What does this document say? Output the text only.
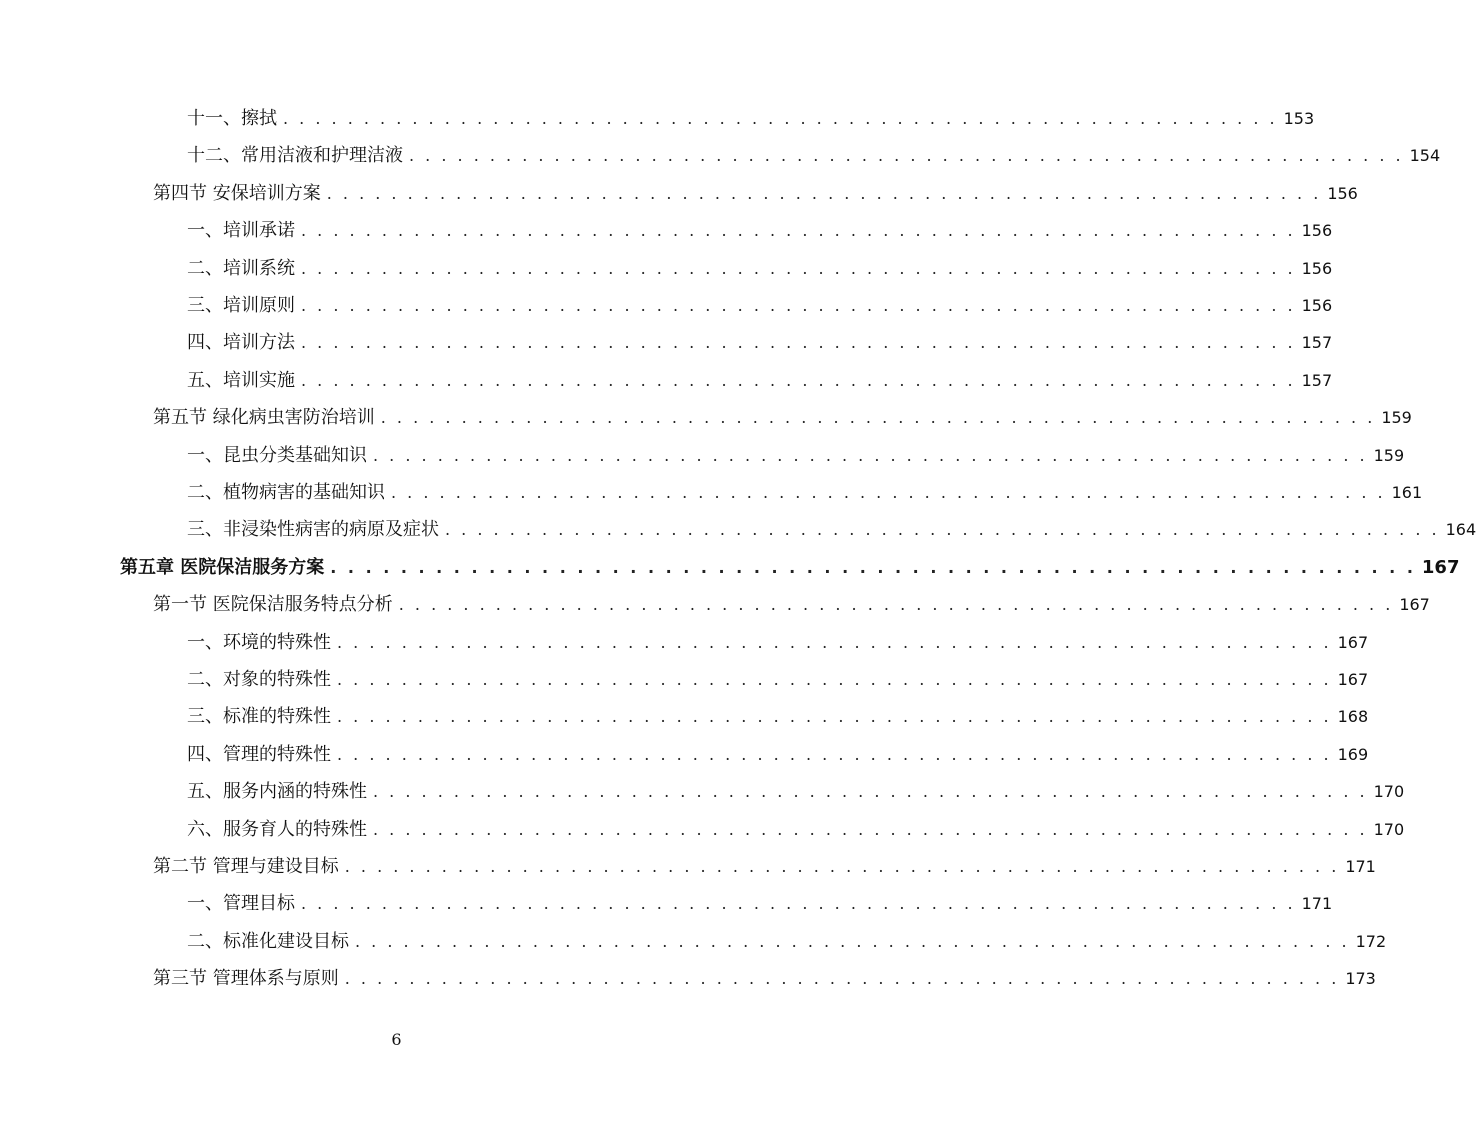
十一、擦拭 . . . . . . . . . . . . . . . . . . . . . . . . . . . . . . . . . . . . . . . . . . . . . . . . . . . . . . . . . . . . . . 153
十二、常用洁液和护理洁液 . . . . . . . . . . . . . . . . . . . . . . . . . . . . . . . . . . . . . . . . . . . . . . . . . . . . . . . . . . . . . . 154
第四节 安保培训方案 . . . . . . . . . . . . . . . . . . . . . . . . . . . . . . . . . . . . . . . . . . . . . . . . . . . . . . . . . . . . . . 156
一、培训承诺 . . . . . . . . . . . . . . . . . . . . . . . . . . . . . . . . . . . . . . . . . . . . . . . . . . . . . . . . . . . . . . 156
二、培训系统 . . . . . . . . . . . . . . . . . . . . . . . . . . . . . . . . . . . . . . . . . . . . . . . . . . . . . . . . . . . . . . 156
三、培训原则 . . . . . . . . . . . . . . . . . . . . . . . . . . . . . . . . . . . . . . . . . . . . . . . . . . . . . . . . . . . . . . 156
四、培训方法 . . . . . . . . . . . . . . . . . . . . . . . . . . . . . . . . . . . . . . . . . . . . . . . . . . . . . . . . . . . . . . 157
五、培训实施 . . . . . . . . . . . . . . . . . . . . . . . . . . . . . . . . . . . . . . . . . . . . . . . . . . . . . . . . . . . . . . 157
第五节 绿化病虫害防治培训 . . . . . . . . . . . . . . . . . . . . . . . . . . . . . . . . . . . . . . . . . . . . . . . . . . . . . . . . . . . . . . 159
一、昆虫分类基础知识 . . . . . . . . . . . . . . . . . . . . . . . . . . . . . . . . . . . . . . . . . . . . . . . . . . . . . . . . . . . . . . 159
二、植物病害的基础知识 . . . . . . . . . . . . . . . . . . . . . . . . . . . . . . . . . . . . . . . . . . . . . . . . . . . . . . . . . . . . . . 161
三、非浸染性病害的病原及症状 . . . . . . . . . . . . . . . . . . . . . . . . . . . . . . . . . . . . . . . . . . . . . . . . . . . . . . . . . . . . . . 164
第五章 医院保洁服务方案 . . . . . . . . . . . . . . . . . . . . . . . . . . . . . . . . . . . . . . . . . . . . . . . . . . . . . . . . . . . . . . 167
第一节 医院保洁服务特点分析 . . . . . . . . . . . . . . . . . . . . . . . . . . . . . . . . . . . . . . . . . . . . . . . . . . . . . . . . . . . . . . 167
一、环境的特殊性 . . . . . . . . . . . . . . . . . . . . . . . . . . . . . . . . . . . . . . . . . . . . . . . . . . . . . . . . . . . . . . 167
二、对象的特殊性 . . . . . . . . . . . . . . . . . . . . . . . . . . . . . . . . . . . . . . . . . . . . . . . . . . . . . . . . . . . . . . 167
三、标准的特殊性 . . . . . . . . . . . . . . . . . . . . . . . . . . . . . . . . . . . . . . . . . . . . . . . . . . . . . . . . . . . . . . 168
四、管理的特殊性 . . . . . . . . . . . . . . . . . . . . . . . . . . . . . . . . . . . . . . . . . . . . . . . . . . . . . . . . . . . . . . 169
五、服务内涵的特殊性 . . . . . . . . . . . . . . . . . . . . . . . . . . . . . . . . . . . . . . . . . . . . . . . . . . . . . . . . . . . . . . 170
六、服务育人的特殊性 . . . . . . . . . . . . . . . . . . . . . . . . . . . . . . . . . . . . . . . . . . . . . . . . . . . . . . . . . . . . . . 170
第二节 管理与建设目标 . . . . . . . . . . . . . . . . . . . . . . . . . . . . . . . . . . . . . . . . . . . . . . . . . . . . . . . . . . . . . . 171
一、管理目标 . . . . . . . . . . . . . . . . . . . . . . . . . . . . . . . . . . . . . . . . . . . . . . . . . . . . . . . . . . . . . . 171
二、标准化建设目标 . . . . . . . . . . . . . . . . . . . . . . . . . . . . . . . . . . . . . . . . . . . . . . . . . . . . . . . . . . . . . . 172
第三节 管理体系与原则 . . . . . . . . . . . . . . . . . . . . . . . . . . . . . . . . . . . . . . . . . . . . . . . . . . . . . . . . . . . . . . 173
6
